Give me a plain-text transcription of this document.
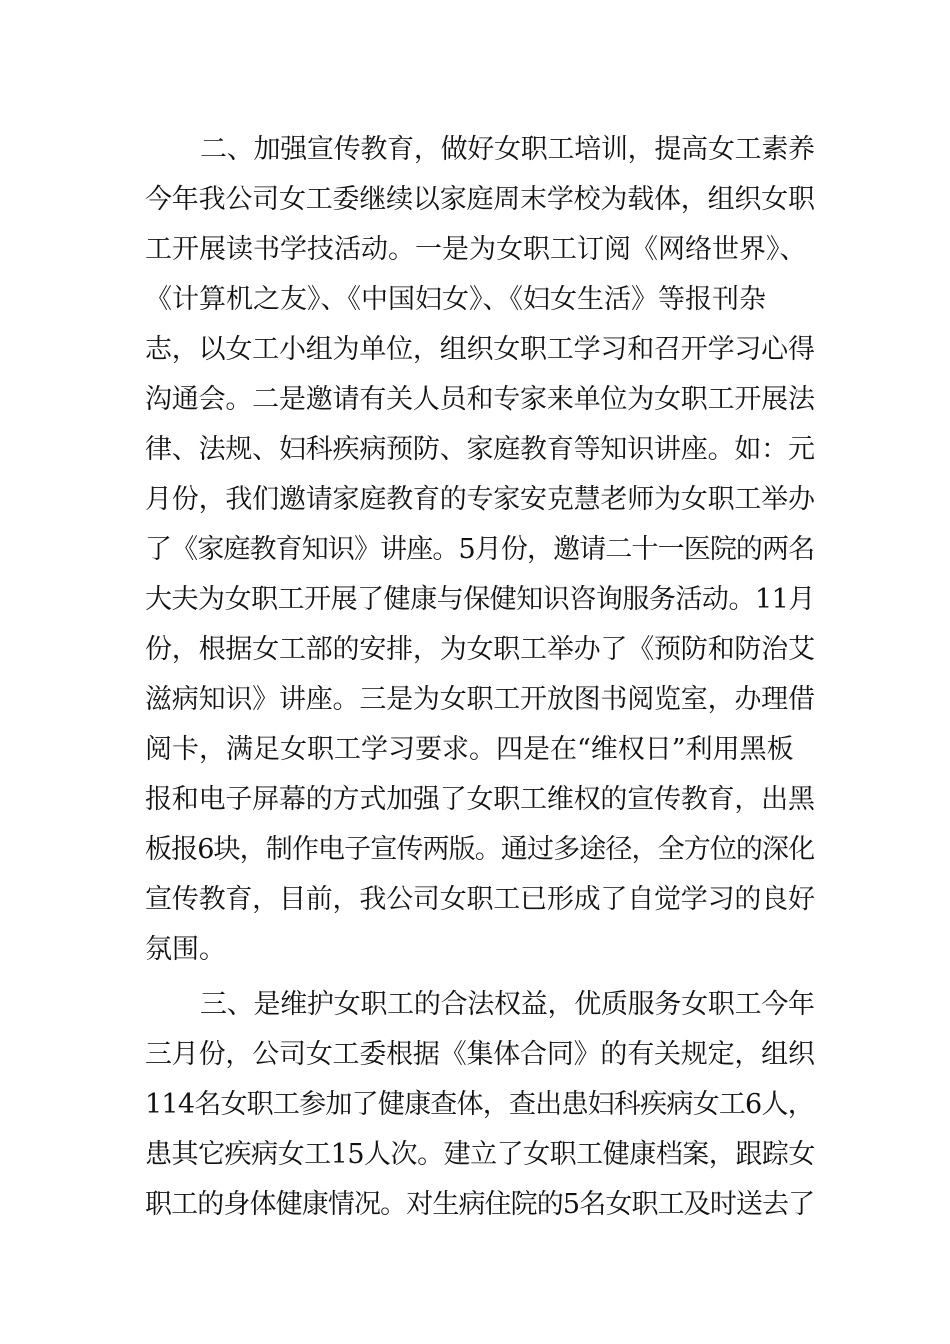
二、加强宣传教育，做好女职工培训，提高女工素养
今年我公司女工委继续以家庭周末学校为载体，组织女职
工开展读书学技活动。一是为女职工订阅《网络世界》、
《计算机之友》、《中国妇女》、《妇女生活》等报刊杂
志，以女工小组为单位，组织女职工学习和召开学习心得
沟通会。二是邀请有关人员和专家来单位为女职工开展法
律、法规、妇科疾病预防、家庭教育等知识讲座。如：元
月份，我们邀请家庭教育的专家安克慧老师为女职工举办
了《家庭教育知识》讲座。5月份，邀请二十一医院的两名
大夫为女职工开展了健康与保健知识咨询服务活动。11月
份，根据女工部的安排，为女职工举办了《预防和防治艾
滋病知识》讲座。三是为女职工开放图书阅览室，办理借
阅卡，满足女职工学习要求。四是在“维权日”利用黑板
报和电子屏幕的方式加强了女职工维权的宣传教育，出黑
板报6块，制作电子宣传两版。通过多途径，全方位的深化
宣传教育，目前，我公司女职工已形成了自觉学习的良好
氛围。
三、是维护女职工的合法权益，优质服务女职工今年
三月份，公司女工委根据《集体合同》的有关规定，组织
114名女职工参加了健康查体，查出患妇科疾病女工6人，
患其它疾病女工15人次。建立了女职工健康档案，跟踪女
职工的身体健康情况。对生病住院的5名女职工及时送去了
